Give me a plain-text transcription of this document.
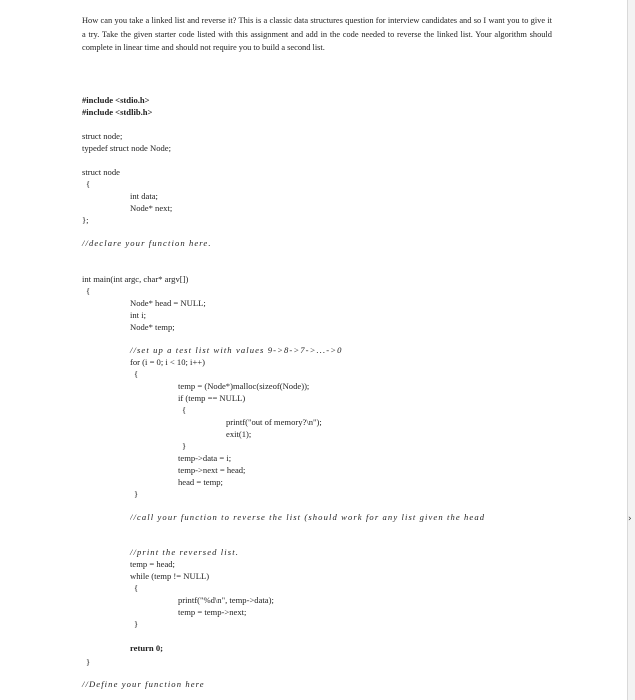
How can you take a linked list and reverse it? This is a classic data structures question for interview candidates and so I want you to give it a try. Take the given starter code listed with this assignment and add in the code needed to reverse the linked list. Your algorithm should complete in linear time and should not require you to build a second list.
#include <stdio.h>
#include <stdlib.h>
struct node;
typedef struct node Node;
struct node
{
int data;
Node* next;
};
//declare your function here.
int main(int argc, char* argv[])
{
Node* head = NULL;
int i;
Node* temp;
//set up a test list with values 9->8->7->...->0
for (i = 0; i < 10; i++)
{
temp = (Node*)malloc(sizeof(Node));
if (temp == NULL)
{
printf("out of memory?\n");
exit(1);
}
temp->data = i;
temp->next = head;
head = temp;
}
//call your function to reverse the list (should work for any list given the head
//print the reversed list.
temp = head;
while (temp != NULL)
{
printf("%d\n", temp->data);
temp = temp->next;
}
return 0;
}
//Define your function here
›
